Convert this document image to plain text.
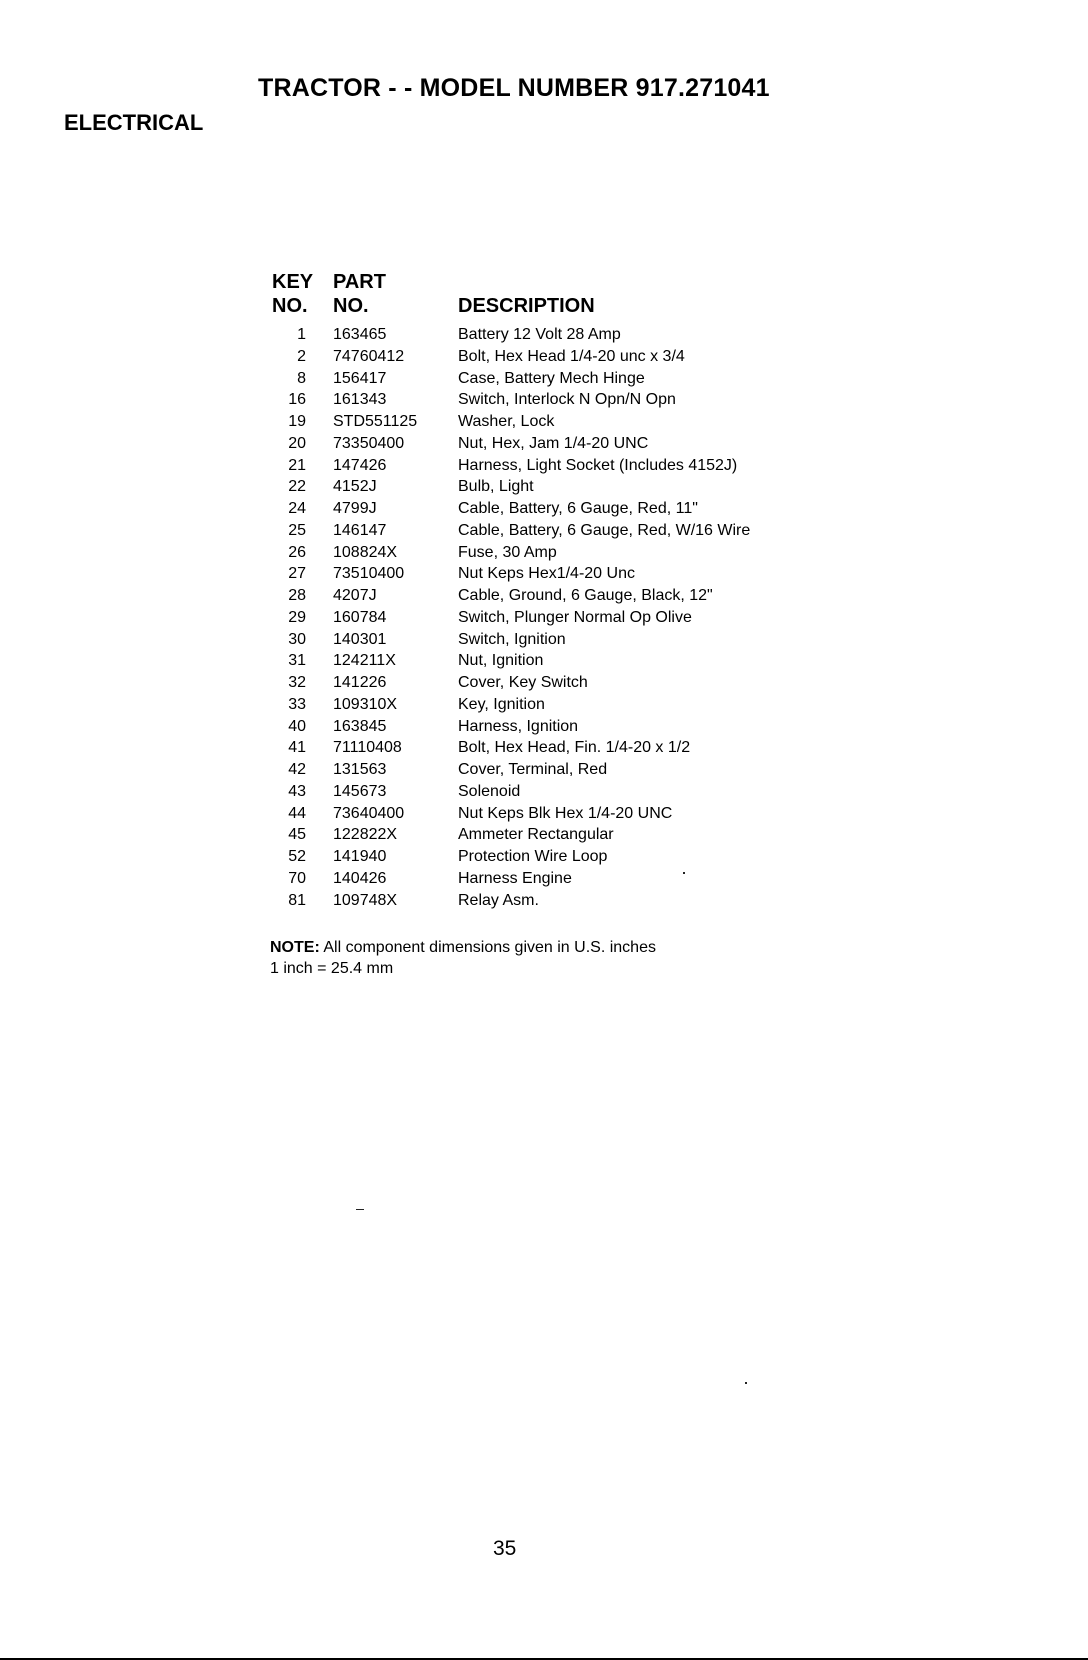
TRACTOR - - MODEL NUMBER 917.271041
ELECTRICAL
KEY
NO.
PART
NO.	DESCRIPTION
1 163465	Battery 12 Volt 28 Amp
2 74760412	Bolt, Hex Head 1/4-20 unc x 3/4
8 156417	Case, Battery Mech Hinge
16 161343	Switch, Interlock N Opn/N Opn
19 STD551125	Washer, Lock
20 73350400	Nut, Hex, Jam 1/4-20 UNC
21 147426	Harness, Light Socket (Includes 4152J)
22 4152J	Bulb, Light
24 4799J	Cable, Battery, 6 Gauge, Red, 11"
25 146147	Cable, Battery, 6 Gauge, Red, W/16 Wire
26 108824X	Fuse, 30 Amp
27 73510400	Nut Keps Hex1/4-20 Unc
28 4207J	Cable, Ground, 6 Gauge, Black, 12"
29 160784	Switch, Plunger Normal Op Olive
30 140301	Switch, Ignition
31 124211X	Nut, Ignition
32 141226	Cover, Key Switch
33 109310X	Key, Ignition
40 163845	Harness, Ignition
41 71110408	Bolt, Hex Head, Fin. 1/4-20 x 1/2
42 131563	Cover, Terminal, Red
43 145673	Solenoid
44 73640400	Nut Keps Blk Hex 1/4-20 UNC
45 122822X	Ammeter Rectangular
52 141940	Protection Wire Loop
70 140426	Harness Engine
81 109748X	Relay Asm.
NOTE: All component dimensions given in U.S. inches
1 inch = 25.4 mm
35
